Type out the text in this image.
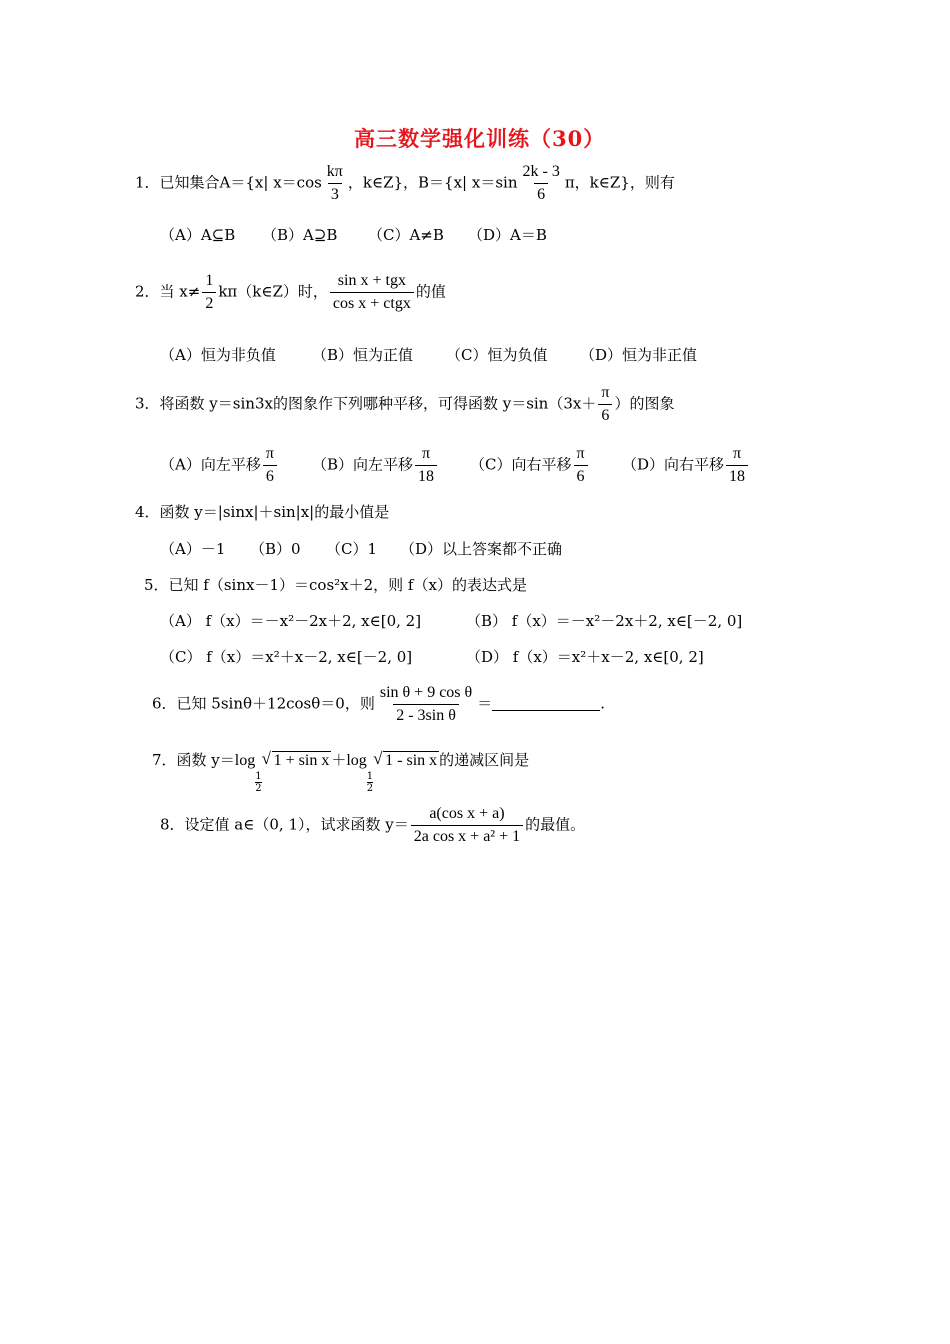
高三数学强化训练（30）
1．已知集合A＝{x| $x=\cos \frac{k\pi}{3}$ ，k∈Z}，B＝{x| $x=\sin \frac{2k - 3}{6}$ π，k∈Z}，则有
（A）A⊆B （B）A⊇B （C）A≠B （D）A＝B
2．当 $x\ne \frac{1}{2}$ kπ（k∈Z）时， $\frac{\text{sin x + tgx}}{\text{cos x + ctgx}}$ 的值
（A）恒为非负值 （B）恒为正值 （C）恒为负值 （D）恒为非正值
3．将函数 y＝sin3x的图象作下列哪种平移，可得函数 $y=\sin(3x+ \frac{\pi}{6}$ ）的图象
（A）向左平移 $\frac{\pi}{6} (B)$向左平移 $\frac{\pi}{18} (C)$向右平移 $\frac{\pi}{6} (D)$向右平移 $\frac{\pi}{18}$
4．函数 y＝|sinx|＋sin|x|的最小值是
（A）－1 （B）0 （C）1 （D）以上答案都不正确
5．已知 f（sinx－1）＝cos²x＋2，则 f（x）的表达式是
（A） f（x）＝－x²－2x＋2, x∈[0, 2]	（B） f（x）＝－x²－2x＋2, x∈[－2, 0]
（C） f（x）＝x²＋x－2, x∈[－2, 0]	（D） f（x）＝x²＋x－2, x∈[0, 2]
6．已知 5sinθ＋12cosθ＝0，则 $\frac{\text{sin θ + 9 cos θ}}{\text{2 - 3sin θ}}$ ＝	.
7．函数 y＝log
$\frac{1}{2}$
√ 1 + sin x ＋log
$\frac{1}{2}$
√ 1 - sin x 的递减区间是
8．设定值 a∈（0, 1），试求函数 $y= \frac{\text{a(cos x + a)}}{\text{2a cos x + a² + 1}}$ 的最值。
